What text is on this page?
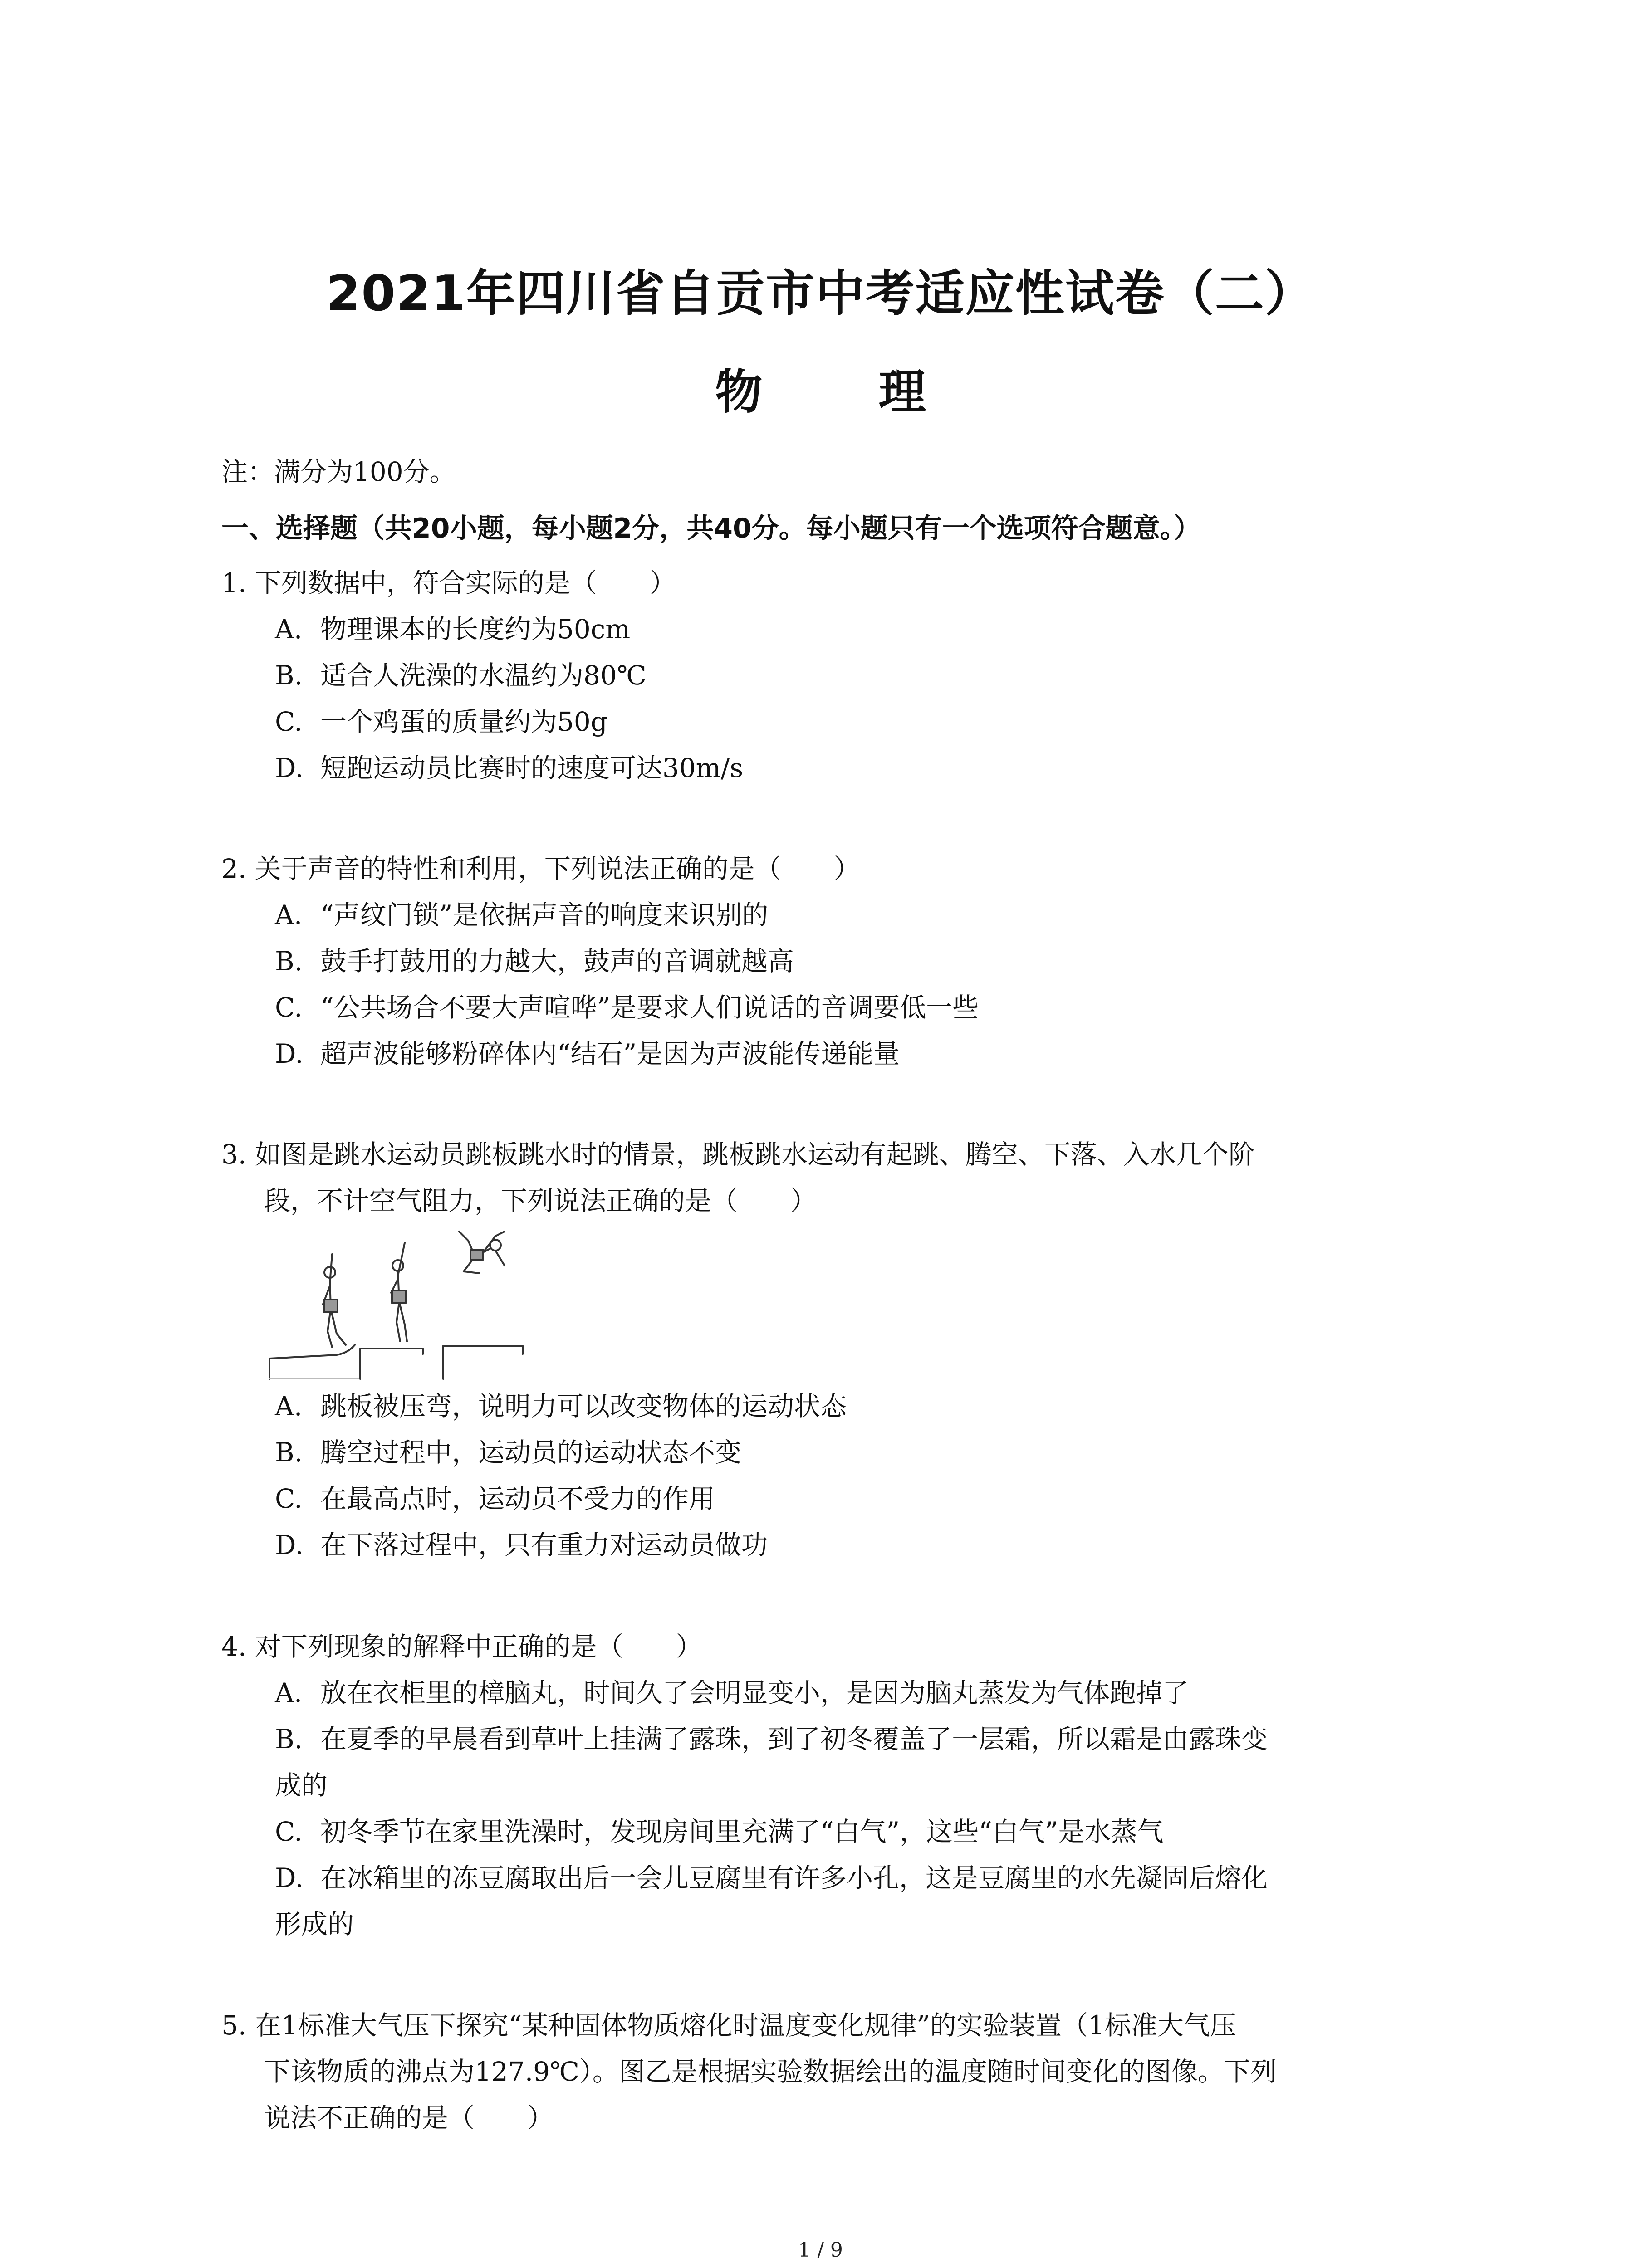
2021年四川省自贡市中考适应性试卷（二）
物 理
注：满分为100分。
一、选择题（共20小题，每小题2分，共40分。每小题只有一个选项符合题意。）
1. 下列数据中，符合实际的是（　　）
A. 物理课本的长度约为50cm
B. 适合人洗澡的水温约为80℃
C. 一个鸡蛋的质量约为50g
D. 短跑运动员比赛时的速度可达30m/s
2. 关于声音的特性和利用，下列说法正确的是（　　）
A. “声纹门锁”是依据声音的响度来识别的
B. 鼓手打鼓用的力越大，鼓声的音调就越高
C. “公共场合不要大声喧哗”是要求人们说话的音调要低一些
D. 超声波能够粉碎体内“结石”是因为声波能传递能量
3. 如图是跳水运动员跳板跳水时的情景，跳板跳水运动有起跳、腾空、下落、入水几个阶
段，不计空气阻力，下列说法正确的是（　　）
A. 跳板被压弯，说明力可以改变物体的运动状态
B. 腾空过程中，运动员的运动状态不变
C. 在最高点时，运动员不受力的作用
D. 在下落过程中，只有重力对运动员做功
4. 对下列现象的解释中正确的是（　　）
A. 放在衣柜里的樟脑丸，时间久了会明显变小，是因为脑丸蒸发为气体跑掉了
B. 在夏季的早晨看到草叶上挂满了露珠，到了初冬覆盖了一层霜，所以霜是由露珠变
成的
C. 初冬季节在家里洗澡时，发现房间里充满了“白气”，这些“白气”是水蒸气
D. 在冰箱里的冻豆腐取出后一会儿豆腐里有许多小孔，这是豆腐里的水先凝固后熔化
形成的
5. 在1标准大气压下探究“某种固体物质熔化时温度变化规律”的实验装置（1标准大气压
下该物质的沸点为127.9℃）。图乙是根据实验数据绘出的温度随时间变化的图像。下列
说法不正确的是（　　）
1 / 9
